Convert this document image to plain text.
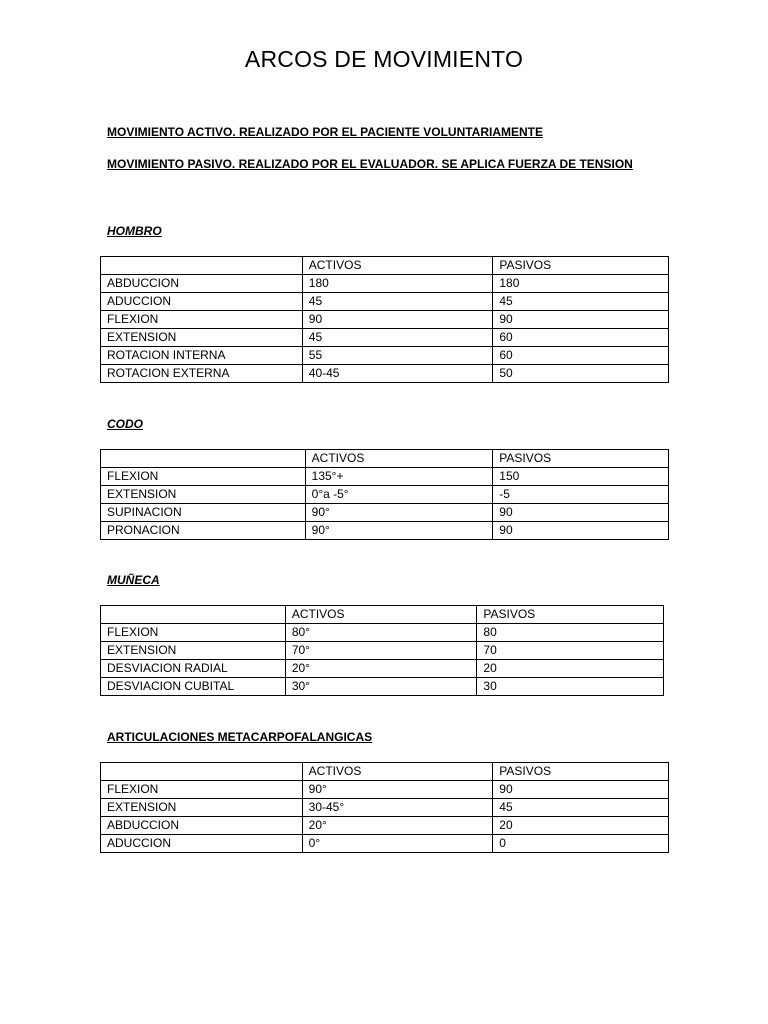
ARCOS DE MOVIMIENTO
MOVIMIENTO ACTIVO. REALIZADO POR EL PACIENTE VOLUNTARIAMENTE
MOVIMIENTO PASIVO. REALIZADO POR EL EVALUADOR. SE APLICA FUERZA DE TENSION
HOMBRO
	ACTIVOS	PASIVOS
ABDUCCION	180	180
ADUCCION	45	45
FLEXION	90	90
EXTENSION	45	60
ROTACION INTERNA	55	60
ROTACION EXTERNA	40-45	50
CODO
	ACTIVOS	PASIVOS
FLEXION	135°+	150
EXTENSION	0°a -5°	-5
SUPINACION	90°	90
PRONACION	90°	90
MUÑECA
	ACTIVOS	PASIVOS
FLEXION	80°	80
EXTENSION	70°	70
DESVIACION RADIAL	20°	20
DESVIACION CUBITAL	30°	30
ARTICULACIONES METACARPOFALANGICAS
	ACTIVOS	PASIVOS
FLEXION	90°	90
EXTENSION	30-45°	45
ABDUCCION	20°	20
ADUCCION	0°	0
